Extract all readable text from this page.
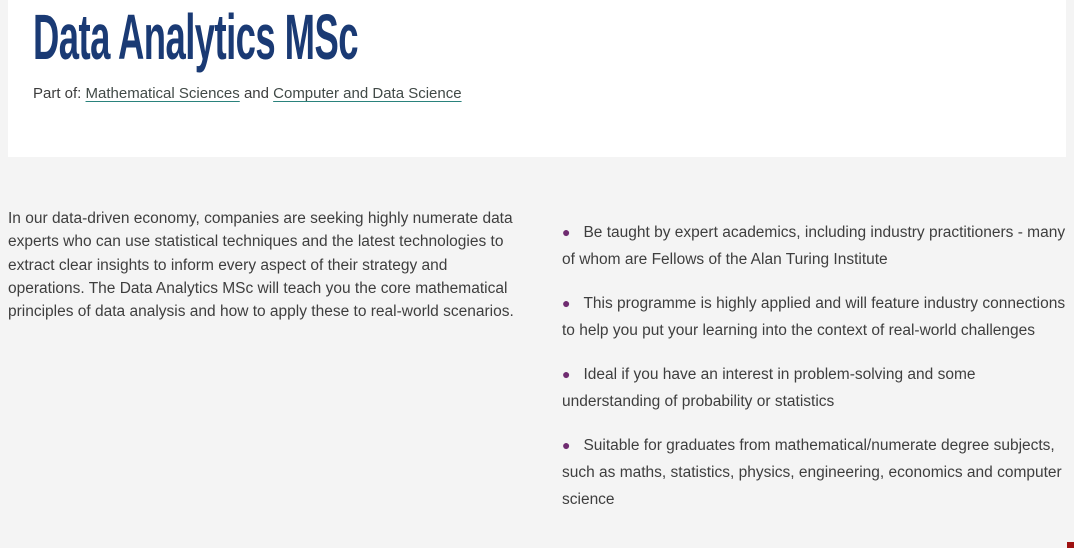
Data Analytics MSc

Part of: Mathematical Sciences and Computer and Data Science

In our data-driven economy, companies are seeking highly numerate data experts who can use statistical techniques and the latest technologies to extract clear insights to inform every aspect of their strategy and operations. The Data Analytics MSc will teach you the core mathematical principles of data analysis and how to apply these to real-world scenarios.

● Be taught by expert academics, including industry practitioners - many of whom are Fellows of the Alan Turing Institute
● This programme is highly applied and will feature industry connections to help you put your learning into the context of real-world challenges
● Ideal if you have an interest in problem-solving and some understanding of probability or statistics
● Suitable for graduates from mathematical/numerate degree subjects, such as maths, statistics, physics, engineering, economics and computer science
